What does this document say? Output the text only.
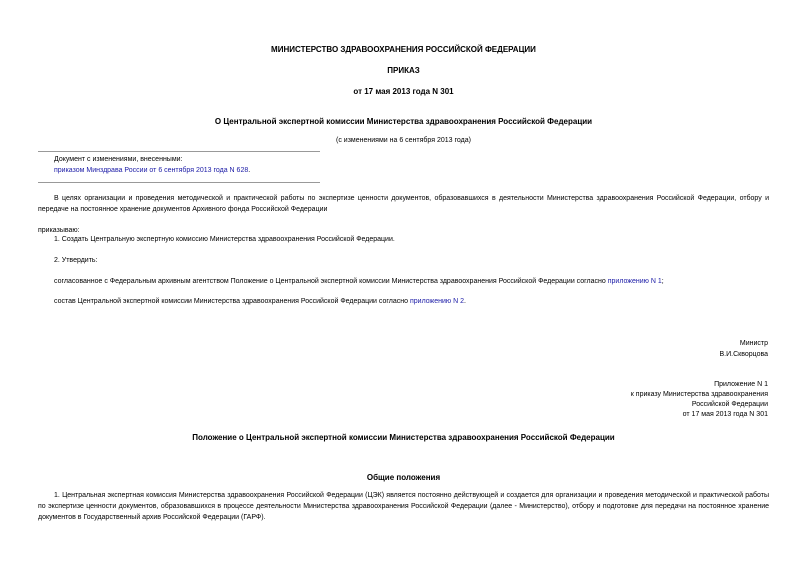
МИНИСТЕРСТВО ЗДРАВООХРАНЕНИЯ РОССИЙСКОЙ ФЕДЕРАЦИИ
ПРИКАЗ
от 17 мая 2013 года N 301
О Центральной экспертной комиссии Министерства здравоохранения Российской Федерации
(с изменениями на 6 сентября 2013 года)
Документ с изменениями, внесенными:
приказом Минздрава России от 6 сентября 2013 года N 628.
В целях организации и проведения методической и практической работы по экспертизе ценности документов, образовавшихся в деятельности Министерства здравоохранения Российской Федерации, отбору и передаче на постоянное хранение документов Архивного фонда Российской Федерации
приказываю:
1. Создать Центральную экспертную комиссию Министерства здравоохранения Российской Федерации.
2. Утвердить:
согласованное с Федеральным архивным агентством Положение о Центральной экспертной комиссии Министерства здравоохранения Российской Федерации согласно приложению N 1;
состав Центральной экспертной комиссии Министерства здравоохранения Российской Федерации согласно приложению N 2.
Министр
В.И.Скворцова
Приложение N 1
к приказу Министерства здравоохранения
Российской Федерации
от 17 мая 2013 года N 301
Положение о Центральной экспертной комиссии Министерства здравоохранения Российской Федерации
Общие положения
1. Центральная экспертная комиссия Министерства здравоохранения Российской Федерации (ЦЭК) является постоянно действующей и создается для организации и проведения методической и практической работы по экспертизе ценности документов, образовавшихся в процессе деятельности Министерства здравоохранения Российской Федерации (далее - Министерство), отбору и подготовке для передачи на постоянное хранение документов в Государственный архив Российской Федерации (ГАРФ).
